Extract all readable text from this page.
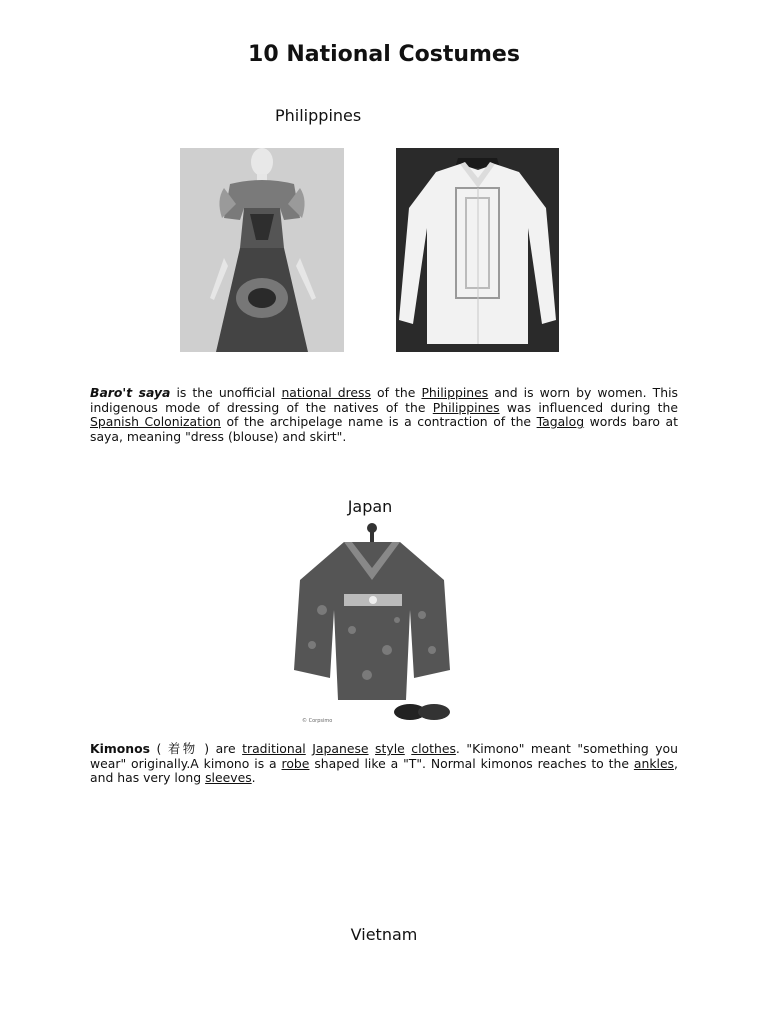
10 National Costumes
Philippines

Baro't saya is the unofficial national dress of the Philippines and is worn by women. This indigenous mode of dressing of the natives of the Philippines was influenced during the Spanish Colonization of the archipelage name is a contraction of the Tagalog words baro at saya, meaning "dress (blouse) and skirt".

Japan
© Corpsimo

Kimonos ( 着物 ) are traditional Japanese style clothes. "Kimono" meant "something you wear" originally.A kimono is a robe shaped like a "T". Normal kimonos reaches to the ankles, and has very long sleeves.

Vietnam
